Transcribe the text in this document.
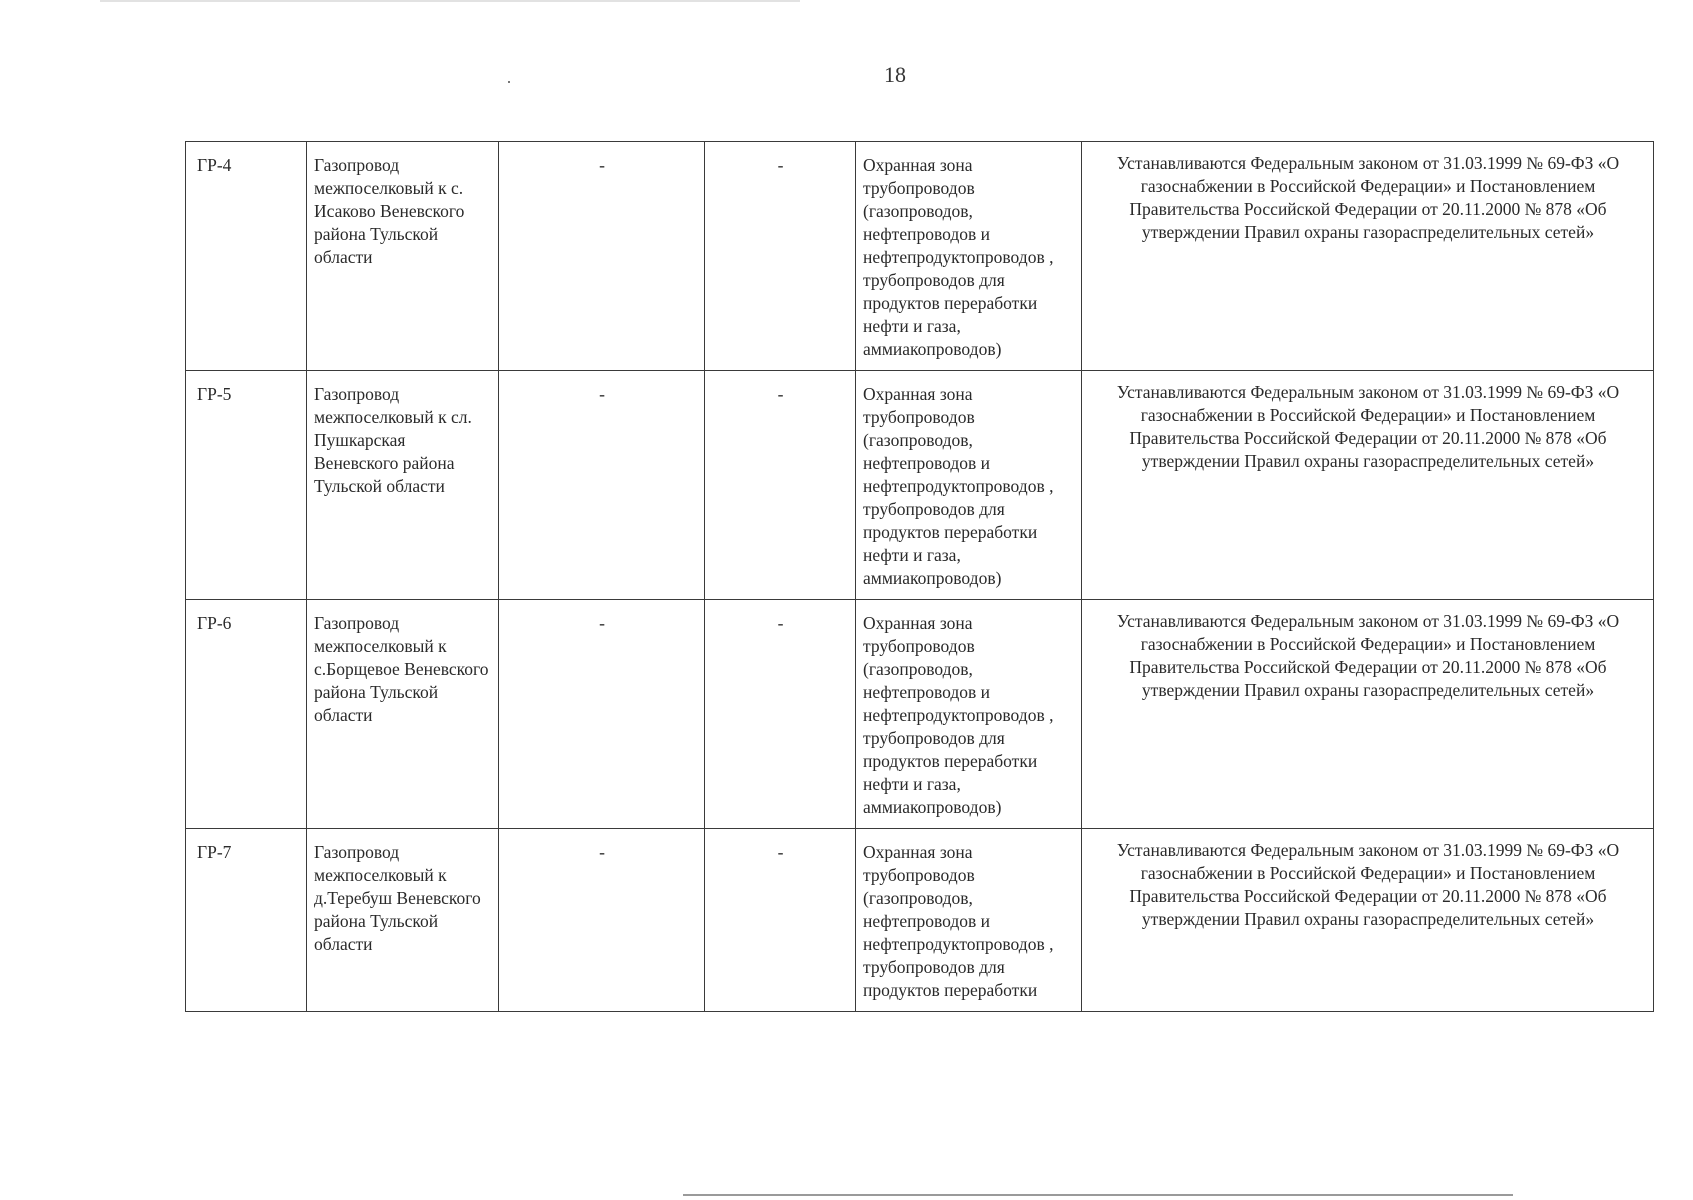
18
ГР-4	Газопровод межпоселковый к с. Исаково Веневского района Тульской области	-	-	Охранная зона трубопроводов (газопроводов, нефтепроводов и нефтепродуктопроводов , трубопроводов для продуктов переработки нефти и газа, аммиакопроводов)	Устанавливаются Федеральным законом от 31.03.1999 № 69-ФЗ «О газоснабжении в Российской Федерации» и Постановлением Правительства Российской Федерации от 20.11.2000 № 878 «Об утверждении Правил охраны газораспределительных сетей»
ГР-5	Газопровод межпоселковый к сл. Пушкарская Веневского района Тульской области	-	-	Охранная зона трубопроводов (газопроводов, нефтепроводов и нефтепродуктопроводов , трубопроводов для продуктов переработки нефти и газа, аммиакопроводов)	Устанавливаются Федеральным законом от 31.03.1999 № 69-ФЗ «О газоснабжении в Российской Федерации» и Постановлением Правительства Российской Федерации от 20.11.2000 № 878 «Об утверждении Правил охраны газораспределительных сетей»
ГР-6	Газопровод межпоселковый к с.Борщевое Веневского района Тульской области	-	-	Охранная зона трубопроводов (газопроводов, нефтепроводов и нефтепродуктопроводов , трубопроводов для продуктов переработки нефти и газа, аммиакопроводов)	Устанавливаются Федеральным законом от 31.03.1999 № 69-ФЗ «О газоснабжении в Российской Федерации» и Постановлением Правительства Российской Федерации от 20.11.2000 № 878 «Об утверждении Правил охраны газораспределительных сетей»
ГР-7	Газопровод межпоселковый к д.Теребуш Веневского района Тульской области	-	-	Охранная зона трубопроводов (газопроводов, нефтепроводов и нефтепродуктопроводов , трубопроводов для продуктов переработки	Устанавливаются Федеральным законом от 31.03.1999 № 69-ФЗ «О газоснабжении в Российской Федерации» и Постановлением Правительства Российской Федерации от 20.11.2000 № 878 «Об утверждении Правил охраны газораспределительных сетей»
